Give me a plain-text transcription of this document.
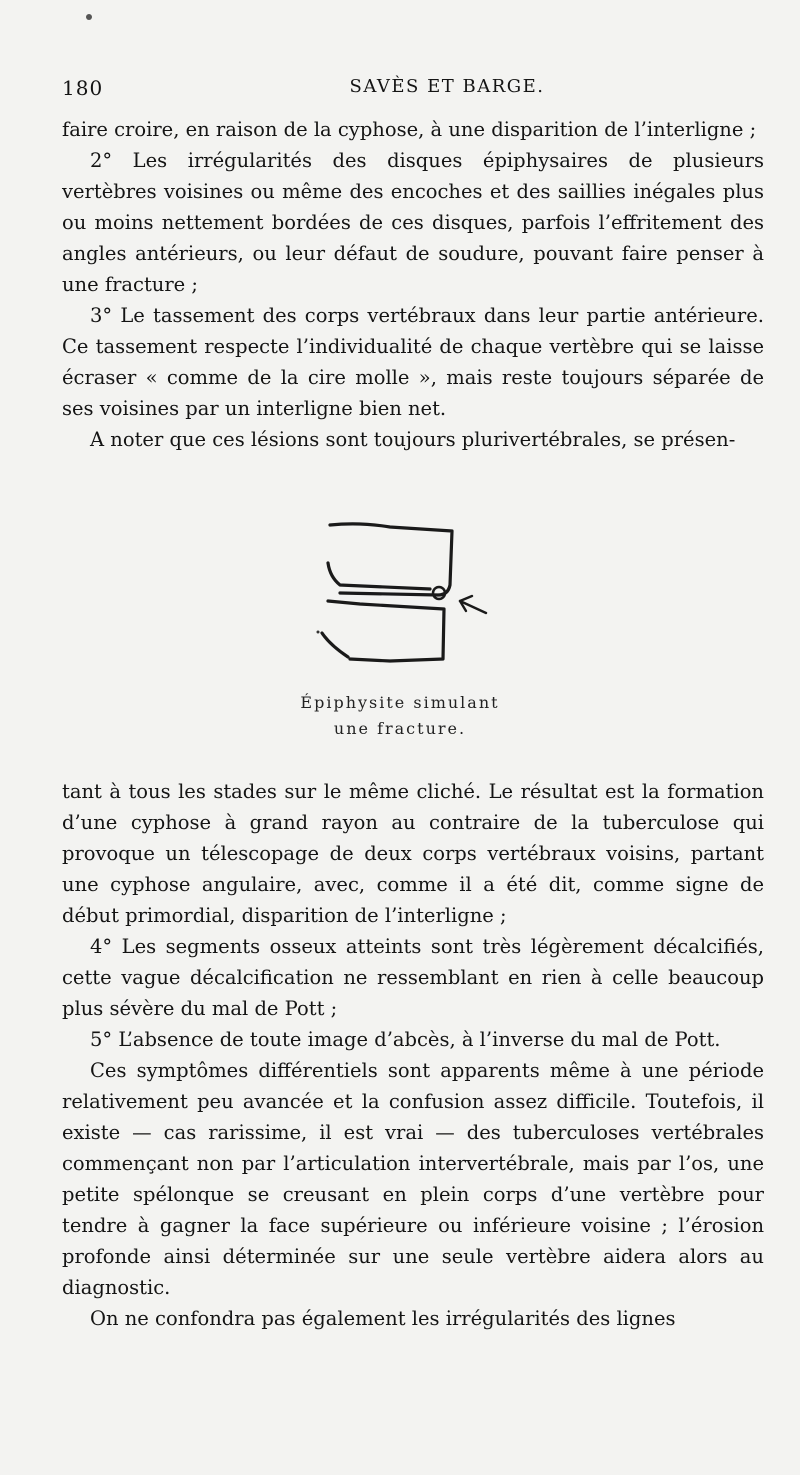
180	SAVÈS ET BARGE.

faire croire, en raison de la cyphose, à une disparition de l’interligne ;

2° Les irrégularités des disques épiphysaires de plusieurs vertèbres voisines ou même des encoches et des saillies inégales plus ou moins nettement bordées de ces disques, parfois l’effritement des angles antérieurs, ou leur défaut de soudure, pouvant faire penser à une fracture ;

3° Le tassement des corps vertébraux dans leur partie antérieure. Ce tassement respecte l’individualité de chaque vertèbre qui se laisse écraser « comme de la cire molle », mais reste toujours séparée de ses voisines par un interligne bien net.

A noter que ces lésions sont toujours plurivertébrales, se présen-

Épiphysite simulant
une fracture.

tant à tous les stades sur le même cliché. Le résultat est la formation d’une cyphose à grand rayon au contraire de la tuberculose qui provoque un télescopage de deux corps vertébraux voisins, partant une cyphose angulaire, avec, comme il a été dit, comme signe de début primordial, disparition de l’interligne ;

4° Les segments osseux atteints sont très légèrement décalcifiés, cette vague décalcification ne ressemblant en rien à celle beaucoup plus sévère du mal de Pott ;

5° L’absence de toute image d’abcès, à l’inverse du mal de Pott.

Ces symptômes différentiels sont apparents même à une période relativement peu avancée et la confusion assez difficile. Toutefois, il existe — cas rarissime, il est vrai — des tuberculoses vertébrales commençant non par l’articulation intervertébrale, mais par l’os, une petite spélonque se creusant en plein corps d’une vertèbre pour tendre à gagner la face supérieure ou inférieure voisine ; l’érosion profonde ainsi déterminée sur une seule vertèbre aidera alors au diagnostic.

On ne confondra pas également les irrégularités des lignes
